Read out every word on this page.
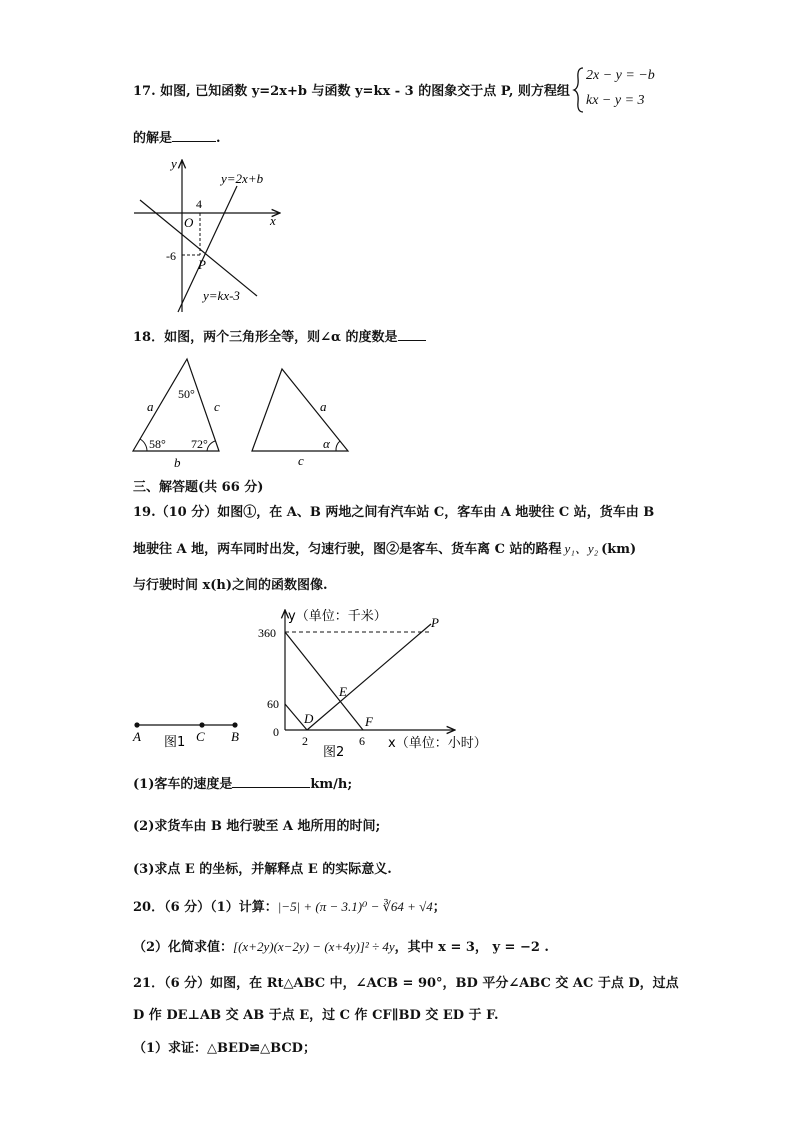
17. 如图, 已知函数 y=2x+b 与函数 y=kx - 3 的图象交于点 P, 则方程组
2x − y = −b
kx − y = 3
的解是	.
y
x
O
y=2x+b
y=kx-3
4
-6
P
18．如图，两个三角形全等，则∠α 的度数是
50°
58° 72°
a	c
b
a
c
α
三、解答题(共 66 分)
19.（10 分）如图①，在 A、B 两地之间有汽车站 C，客车由 A 地驶往 C 站，货车由 B
地驶往 A 地，两车同时出发，匀速行驶，图②是客车、货车离 C 站的路程 y₁、y₂ (km)
与行驶时间 x(h)之间的函数图像.
A	C B
图1
y（单位：千米）
x（单位：小时）
360
60
0
2	6
P
E
D	F
图2
(1)客车的速度是	km/h;
(2)求货车由 B 地行驶至 A 地所用的时间;
(3)求点 E 的坐标，并解释点 E 的实际意义.
20．（6 分）（1）计算：|−5| + (π − 3.1)⁰ − ∛64 + √4；
（2）化简求值：[(x+2y)(x−2y) − (x+4y)]² ÷ 4y，其中 x = 3， y = −2 .
21．（6 分）如图，在 Rt△ABC 中，∠ACB = 90°，BD 平分∠ABC 交 AC 于点 D，过点
D 作 DE⊥AB 交 AB 于点 E，过 C 作 CF∥BD 交 ED 于 F.
（1）求证：△BED≌△BCD；
